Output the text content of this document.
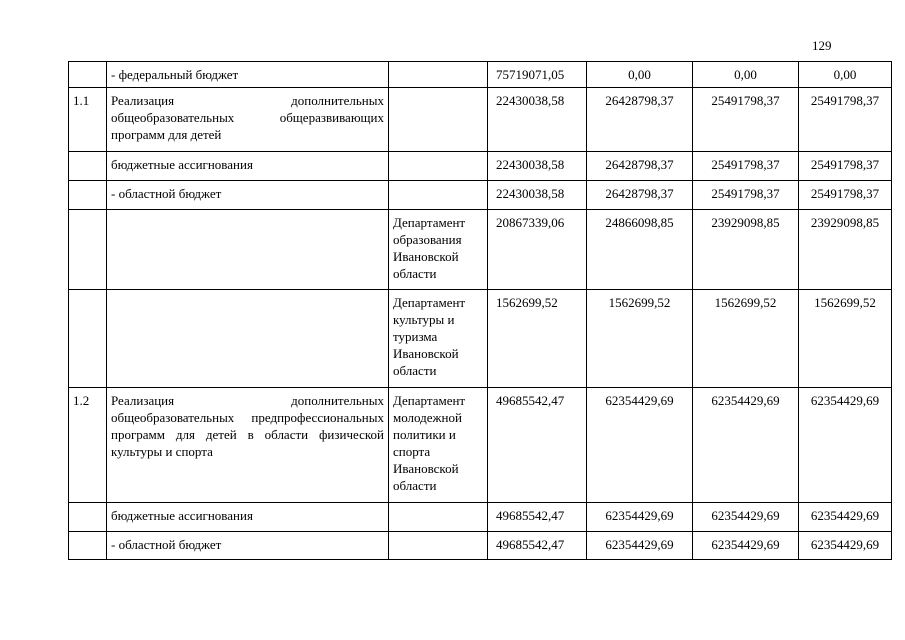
129
	- федеральный бюджет		75719071,05	0,00	0,00	0,00
1.1	Реализация дополнительных общеобразовательных общеразвивающих программ для детей		22430038,58	26428798,37	25491798,37	25491798,37
	бюджетные ассигнования		22430038,58	26428798,37	25491798,37	25491798,37
	- областной бюджет		22430038,58	26428798,37	25491798,37	25491798,37
		Департамент образования Ивановской области	20867339,06	24866098,85	23929098,85	23929098,85
		Департамент культуры и туризма Ивановской области	1562699,52	1562699,52	1562699,52	1562699,52
1.2	Реализация дополнительных общеобразовательных предпрофессиональных программ для детей в области физической культуры и спорта	Департамент молодежной политики и спорта Ивановской области	49685542,47	62354429,69	62354429,69	62354429,69
	бюджетные ассигнования		49685542,47	62354429,69	62354429,69	62354429,69
	- областной бюджет		49685542,47	62354429,69	62354429,69	62354429,69
